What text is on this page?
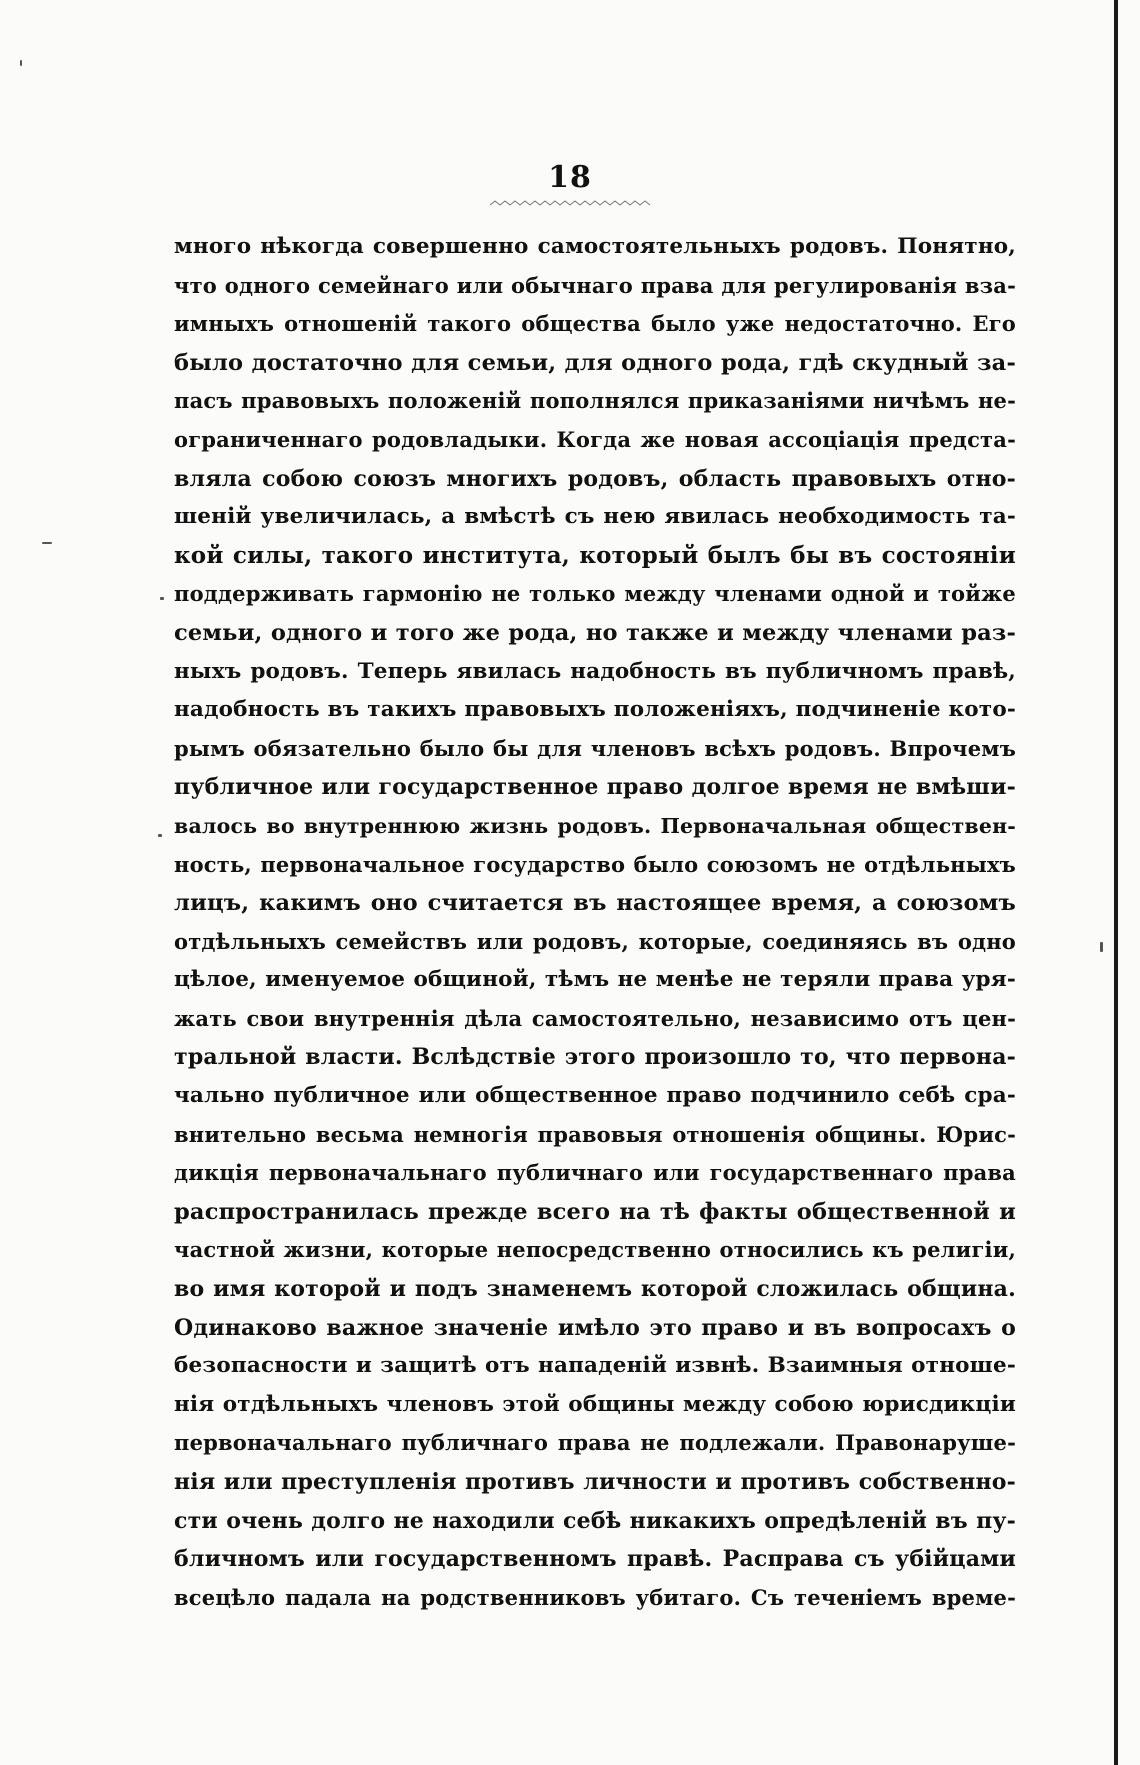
18
много нѣкогда совершенно самостоятельныхъ родовъ. Понятно,
что одного семейнаго или обычнаго права для регулированія вза-
имныхъ отношеній такого общества было уже недостаточно. Его
было достаточно для семьи, для одного рода, гдѣ скудный за-
пасъ правовыхъ положеній пополнялся приказаніями ничѣмъ не-
ограниченнаго родовладыки. Когда же новая ассоціація предста-
вляла собою союзъ многихъ родовъ, область правовыхъ отно-
шеній увеличилась, а вмѣстѣ съ нею явилась необходимость та-
кой силы, такого института, который былъ бы въ состояніи
поддерживать гармонію не только между членами одной и тойже
семьи, одного и того же рода, но также и между членами раз-
ныхъ родовъ. Теперь явилась надобность въ публичномъ правѣ,
надобность въ такихъ правовыхъ положеніяхъ, подчиненіе кото-
рымъ обязательно было бы для членовъ всѣхъ родовъ. Впрочемъ
публичное или государственное право долгое время не вмѣши-
валось во внутреннюю жизнь родовъ. Первоначальная обществен-
ность, первоначальное государство было союзомъ не отдѣльныхъ
лицъ, какимъ оно считается въ настоящее время, а союзомъ
отдѣльныхъ семействъ или родовъ, которые, соединяясь въ одно
цѣлое, именуемое общиной, тѣмъ не менѣе не теряли права уря-
жать свои внутреннія дѣла самостоятельно, независимо отъ цен-
тральной власти. Вслѣдствіе этого произошло то, что первона-
чально публичное или общественное право подчинило себѣ сра-
внительно весьма немногія правовыя отношенія общины. Юрис-
дикція первоначальнаго публичнаго или государственнаго права
распространилась прежде всего на тѣ факты общественной и
частной жизни, которые непосредственно относились къ религіи,
во имя которой и подъ знаменемъ которой сложилась община.
Одинаково важное значеніе имѣло это право и въ вопросахъ о
безопасности и защитѣ отъ нападеній извнѣ. Взаимныя отноше-
нія отдѣльныхъ членовъ этой общины между собою юрисдикціи
первоначальнаго публичнаго права не подлежали. Правонаруше-
нія или преступленія противъ личности и противъ собственно-
сти очень долго не находили себѣ никакихъ опредѣленій въ пу-
бличномъ или государственномъ правѣ. Расправа съ убійцами
всецѣло падала на родственниковъ убитаго. Съ теченіемъ време-
